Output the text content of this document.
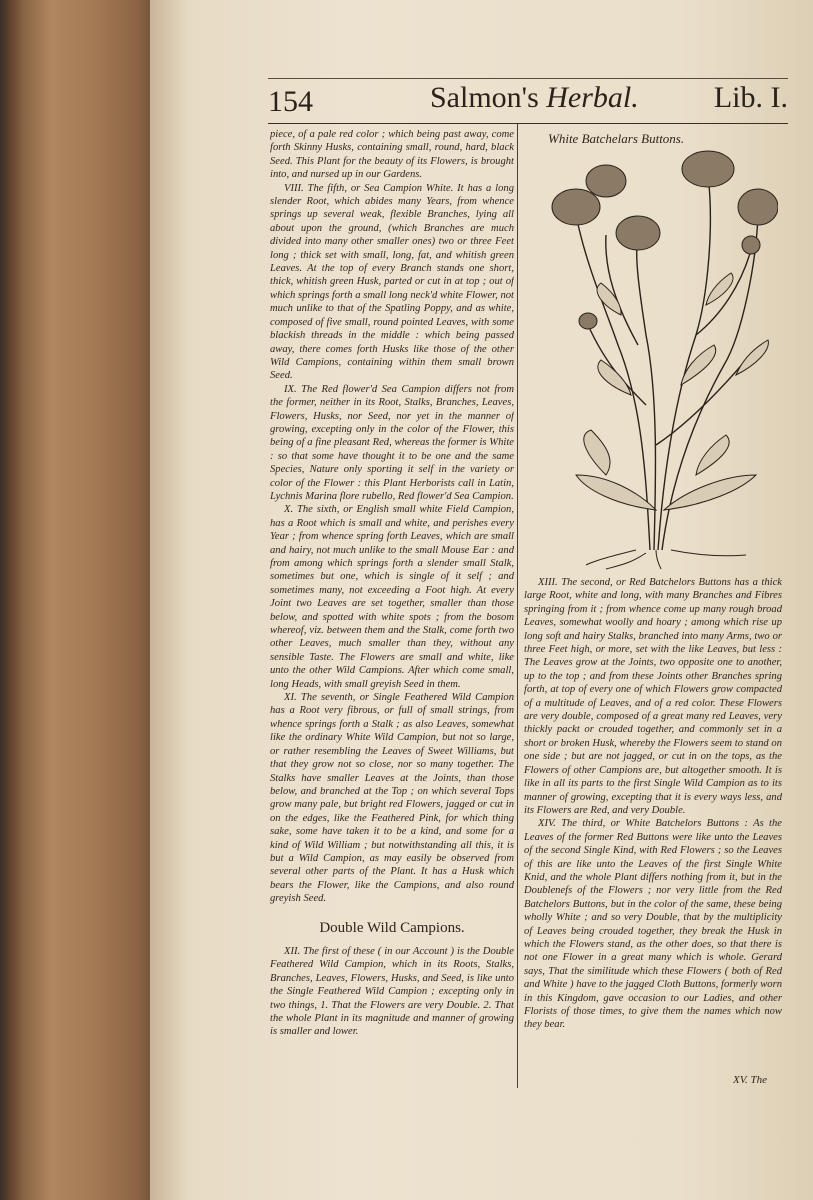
154	Salmon's Herbal.	Lib. I.

piece, of a pale red color ; which being past away, come forth Skinny Husks, containing small, round, hard, black Seed. This Plant for the beauty of its Flowers, is brought into, and nursed up in our Gardens.

VIII. The fifth, or Sea Campion White. It has a long slender Root, which abides many Years, from whence springs up several weak, flexible Branches, lying all about upon the ground, (which Branches are much divided into many other smaller ones) two or three Feet long ; thick set with small, long, fat, and whitish green Leaves. At the top of every Branch stands one short, thick, whitish green Husk, parted or cut in at top ; out of which springs forth a small long neck'd white Flower, not much unlike to that of the Spatling Poppy, and as white, composed of five small, round pointed Leaves, with some blackish threads in the middle : which being passed away, there comes forth Husks like those of the other Wild Campions, containing within them small brown Seed.

IX. The Red flower'd Sea Campion differs not from the former, neither in its Root, Stalks, Branches, Leaves, Flowers, Husks, nor Seed, nor yet in the manner of growing, excepting only in the color of the Flower, this being of a fine pleasant Red, whereas the former is White : so that some have thought it to be one and the same Species, Nature only sporting it self in the variety or color of the Flower : this Plant Herborists call in Latin, Lychnis Marina flore rubello, Red flower'd Sea Campion.

X. The sixth, or English small white Field Campion, has a Root which is small and white, and perishes every Year ; from whence spring forth Leaves, which are small and hairy, not much unlike to the small Mouse Ear : and from among which springs forth a slender small Stalk, sometimes but one, which is single of it self ; and sometimes many, not exceeding a Foot high. At every Joint two Leaves are set together, smaller than those below, and spotted with white spots ; from the bosom whereof, viz. between them and the Stalk, come forth two other Leaves, much smaller than they, without any sensible Taste. The Flowers are small and white, like unto the other Wild Campions. After which come small, long Heads, with small greyish Seed in them.

XI. The seventh, or Single Feathered Wild Campion has a Root very fibrous, or full of small strings, from whence springs forth a Stalk ; as also Leaves, somewhat like the ordinary White Wild Campion, but not so large, or rather resembling the Leaves of Sweet Williams, but that they grow not so close, nor so many together. The Stalks have smaller Leaves at the Joints, than those below, and branched at the Top ; on which several Tops grow many pale, but bright red Flowers, jagged or cut in on the edges, like the Feathered Pink, for which thing sake, some have taken it to be a kind, and some for a kind of Wild William ; but notwithstanding all this, it is but a Wild Campion, as may easily be observed from several other parts of the Plant. It has a Husk which bears the Flower, like the Campions, and also round greyish Seed.

Double Wild Campions.

XII. The first of these ( in our Account ) is the Double Feathered Wild Campion, which in its Roots, Stalks, Branches, Leaves, Flowers, Husks, and Seed, is like unto the Single Feathered Wild Campion ; excepting only in two things, 1. That the Flowers are very Double. 2. That the whole Plant in its magnitude and manner of growing is smaller and lower.

White Batchelars Buttons.

XIII. The second, or Red Batchelors Buttons has a thick large Root, white and long, with many Branches and Fibres springing from it ; from whence come up many rough broad Leaves, somewhat woolly and hoary ; among which rise up long soft and hairy Stalks, branched into many Arms, two or three Feet high, or more, set with the like Leaves, but less : The Leaves grow at the Joints, two opposite one to another, up to the top ; and from these Joints other Branches spring forth, at top of every one of which Flowers grow compacted of a multitude of Leaves, and of a red color. These Flowers are very double, composed of a great many red Leaves, very thickly packt or crouded together, and commonly set in a short or broken Husk, whereby the Flowers seem to stand on one side ; but are not jagged, or cut in on the tops, as the Flowers of other Campions are, but altogether smooth. It is like in all its parts to the first Single Wild Campion as to its manner of growing, excepting that it is every ways less, and its Flowers are Red, and very Double.

XIV. The third, or White Batchelors Buttons : As the Leaves of the former Red Buttons were like unto the Leaves of the second Single Kind, with Red Flowers ; so the Leaves of this are like unto the Leaves of the first Single White Knid, and the whole Plant differs nothing from it, but in the Doublenefs of the Flowers ; nor very little from the Red Batchelors Buttons, but in the color of the same, these being wholly White ; and so very Double, that by the multiplicity of Leaves being crouded together, they break the Husk in which the Flowers stand, as the other does, so that there is not one Flower in a great many which is whole. Gerard says, That the similitude which these Flowers ( both of Red and White ) have to the jagged Cloth Buttons, formerly worn in this Kingdom, gave occasion to our Ladies, and other Florists of those times, to give them the names which now they bear.

XV. The
